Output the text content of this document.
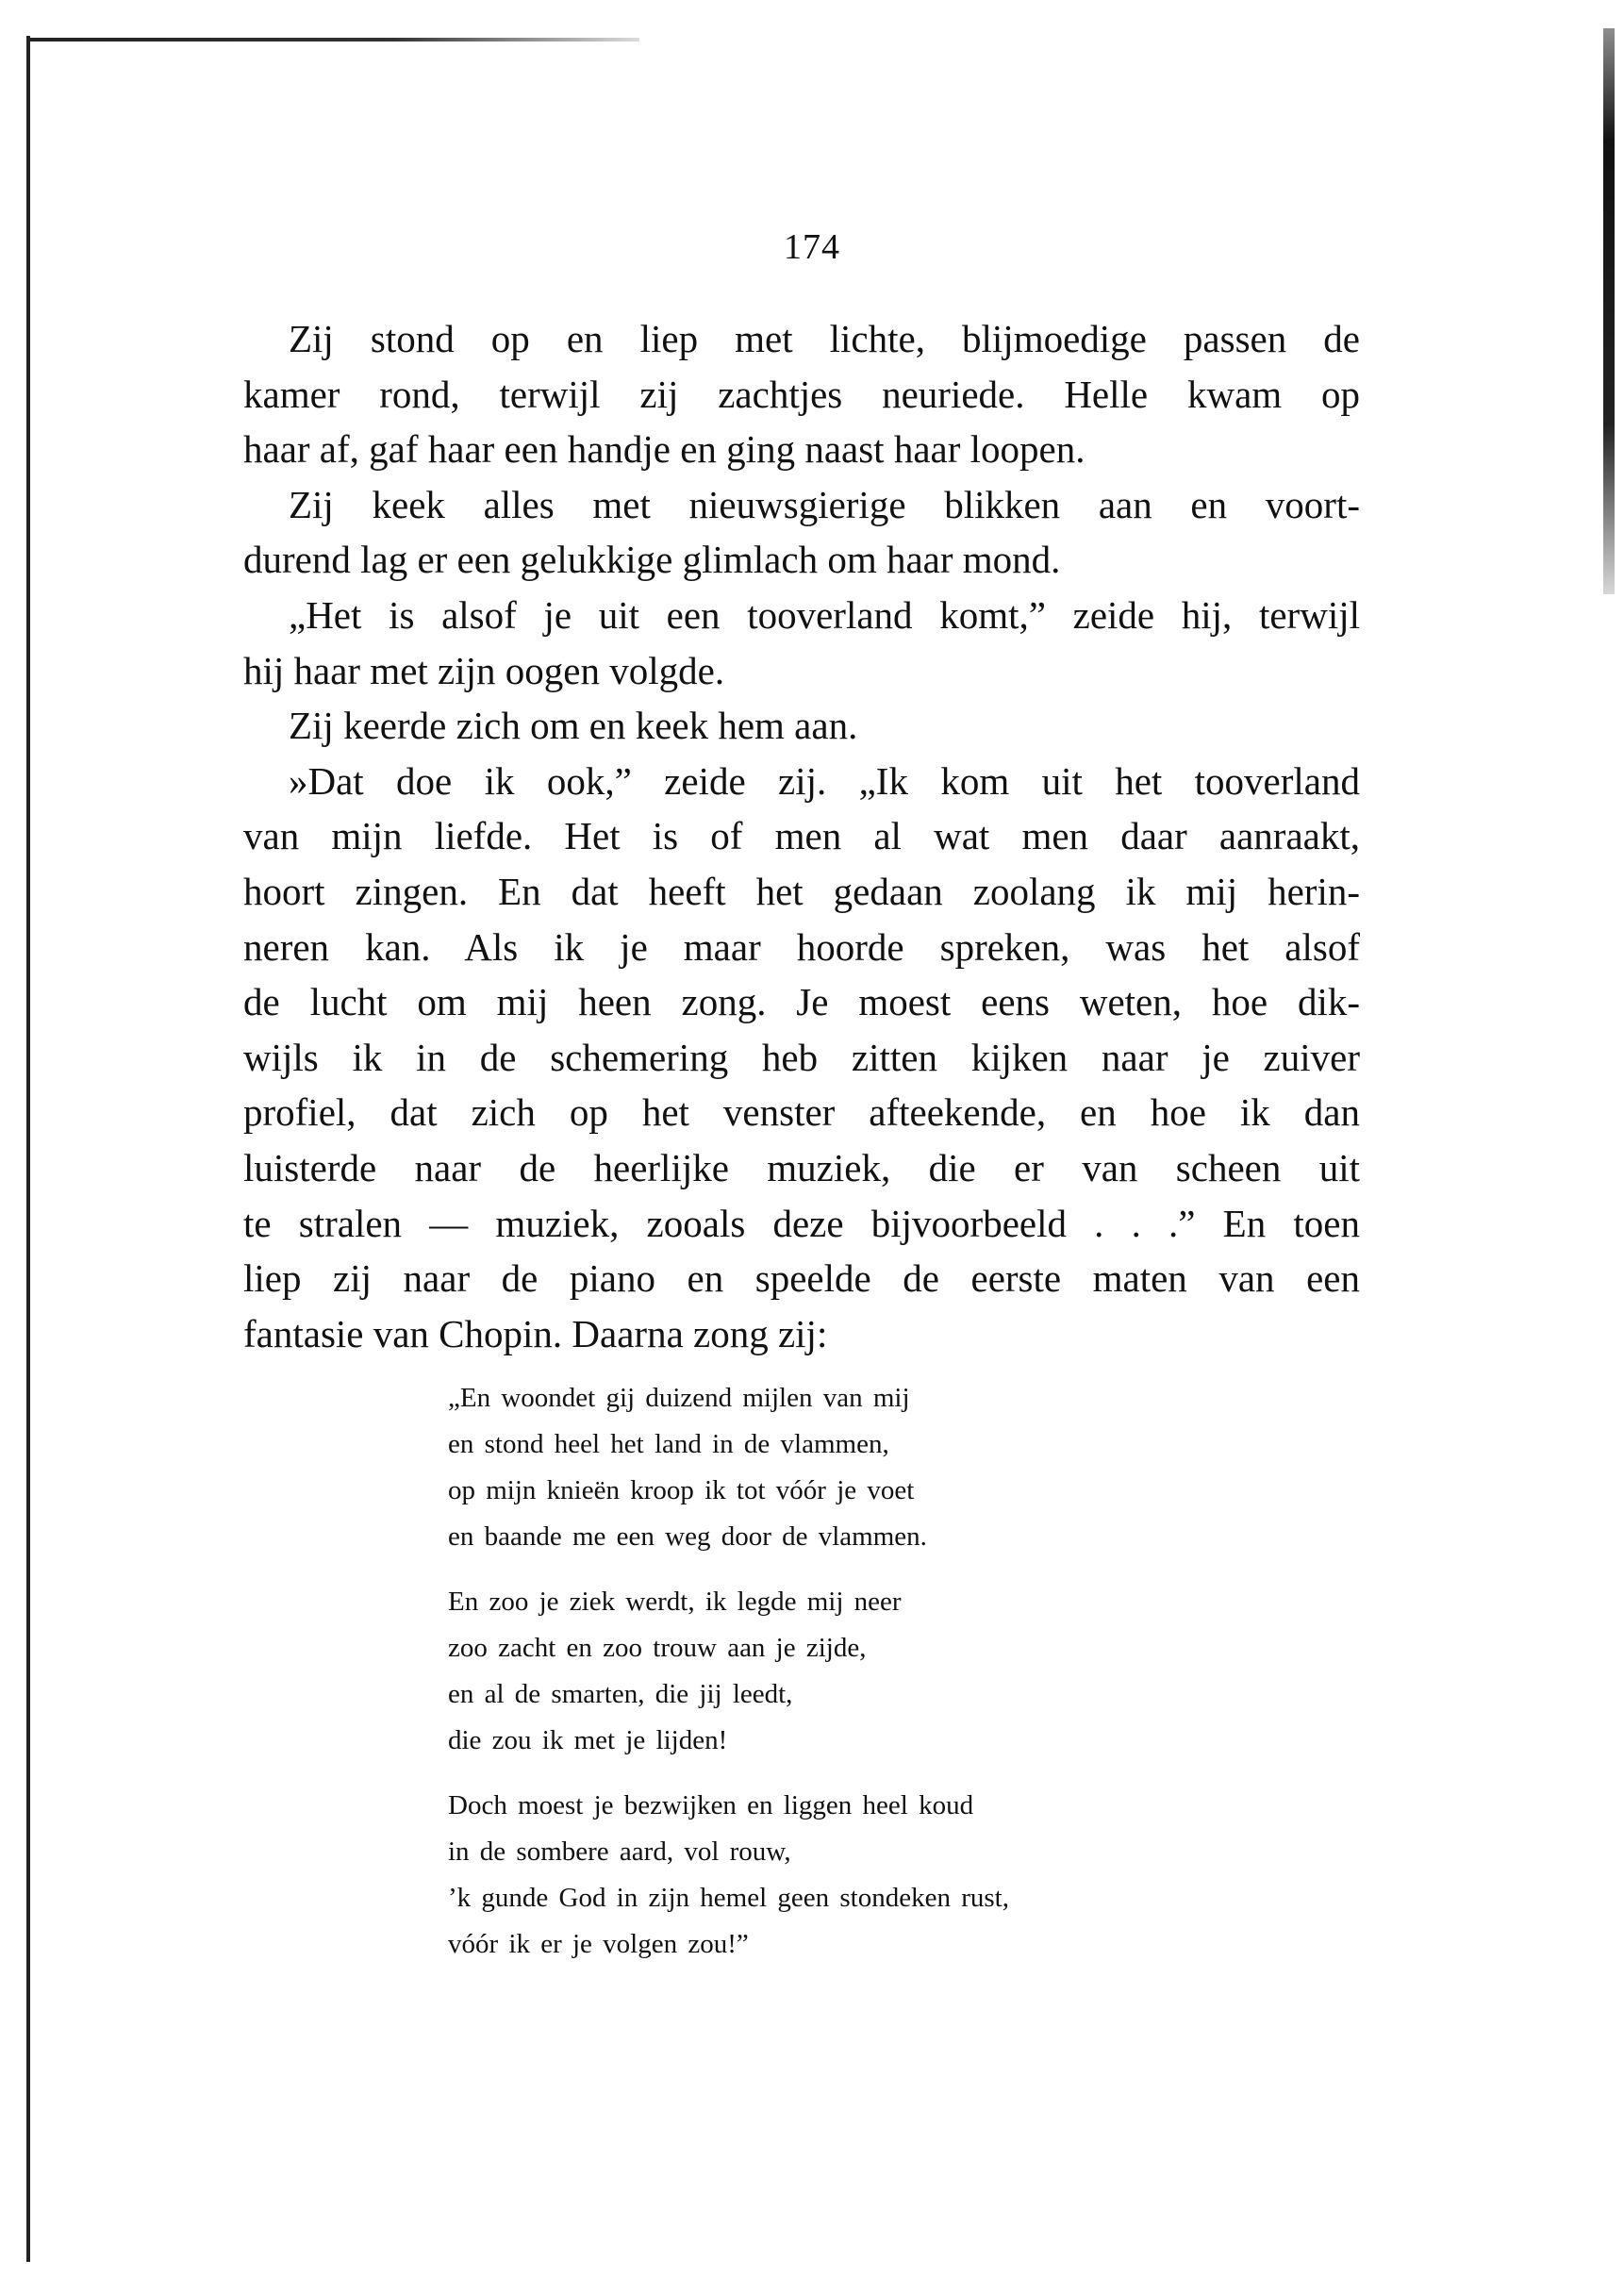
174
Zij stond op en liep met lichte, blijmoedige passen de
kamer rond, terwijl zij zachtjes neuriede. Helle kwam op
haar af, gaf haar een handje en ging naast haar loopen.
Zij keek alles met nieuwsgierige blikken aan en voort-
durend lag er een gelukkige glimlach om haar mond.
„Het is alsof je uit een tooverland komt,” zeide hij, terwijl
hij haar met zijn oogen volgde.
Zij keerde zich om en keek hem aan.
»Dat doe ik ook,” zeide zij. „Ik kom uit het tooverland
van mijn liefde. Het is of men al wat men daar aanraakt,
hoort zingen. En dat heeft het gedaan zoolang ik mij herin-
neren kan. Als ik je maar hoorde spreken, was het alsof
de lucht om mij heen zong. Je moest eens weten, hoe dik-
wijls ik in de schemering heb zitten kijken naar je zuiver
profiel, dat zich op het venster afteekende, en hoe ik dan
luisterde naar de heerlijke muziek, die er van scheen uit
te stralen — muziek, zooals deze bijvoorbeeld . . .” En toen
liep zij naar de piano en speelde de eerste maten van een
fantasie van Chopin. Daarna zong zij:
„En woondet gij duizend mijlen van mij
en stond heel het land in de vlammen,
op mijn knieën kroop ik tot vóór je voet
en baande me een weg door de vlammen.
En zoo je ziek werdt, ik legde mij neer
zoo zacht en zoo trouw aan je zijde,
en al de smarten, die jij leedt,
die zou ik met je lijden!
Doch moest je bezwijken en liggen heel koud
in de sombere aard, vol rouw,
’k gunde God in zijn hemel geen stondeken rust,
vóór ik er je volgen zou!”
